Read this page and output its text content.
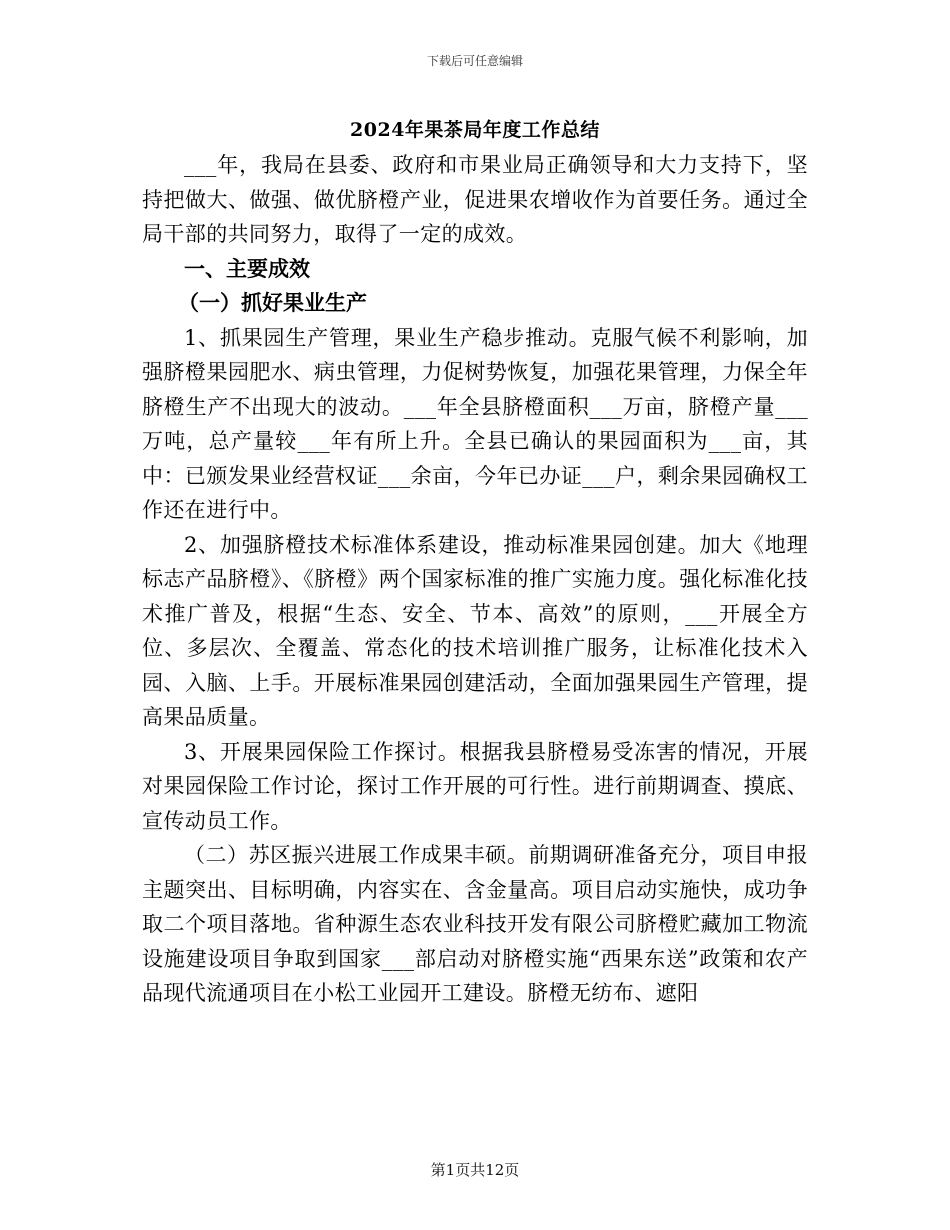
下载后可任意编辑
2024年果茶局年度工作总结

___年，我局在县委、政府和市果业局正确领导和大力支持下，坚持把做大、做强、做优脐橙产业，促进果农增收作为首要任务。通过全局干部的共同努力，取得了一定的成效。

一、主要成效

（一）抓好果业生产

1、抓果园生产管理，果业生产稳步推动。克服气候不利影响，加强脐橙果园肥水、病虫管理，力促树势恢复，加强花果管理，力保全年脐橙生产不出现大的波动。___年全县脐橙面积___万亩，脐橙产量___万吨，总产量较___年有所上升。全县已确认的果园面积为___亩，其中：已颁发果业经营权证___余亩，今年已办证___户，剩余果园确权工作还在进行中。

2、加强脐橙技术标准体系建设，推动标准果园创建。加大《地理标志产品脐橙》、《脐橙》两个国家标准的推广实施力度。强化标准化技术推广普及，根据“生态、安全、节本、高效”的原则，___开展全方位、多层次、全覆盖、常态化的技术培训推广服务，让标准化技术入园、入脑、上手。开展标准果园创建活动，全面加强果园生产管理，提高果品质量。

3、开展果园保险工作探讨。根据我县脐橙易受冻害的情况，开展对果园保险工作讨论，探讨工作开展的可行性。进行前期调查、摸底、宣传动员工作。

（二）苏区振兴进展工作成果丰硕。前期调研准备充分，项目申报主题突出、目标明确，内容实在、含金量高。项目启动实施快，成功争取二个项目落地。省种源生态农业科技开发有限公司脐橙贮藏加工物流设施建设项目争取到国家___部启动对脐橙实施“西果东送”政策和农产品现代流通项目在小松工业园开工建设。脐橙无纺布、遮阳

第1页共12页
